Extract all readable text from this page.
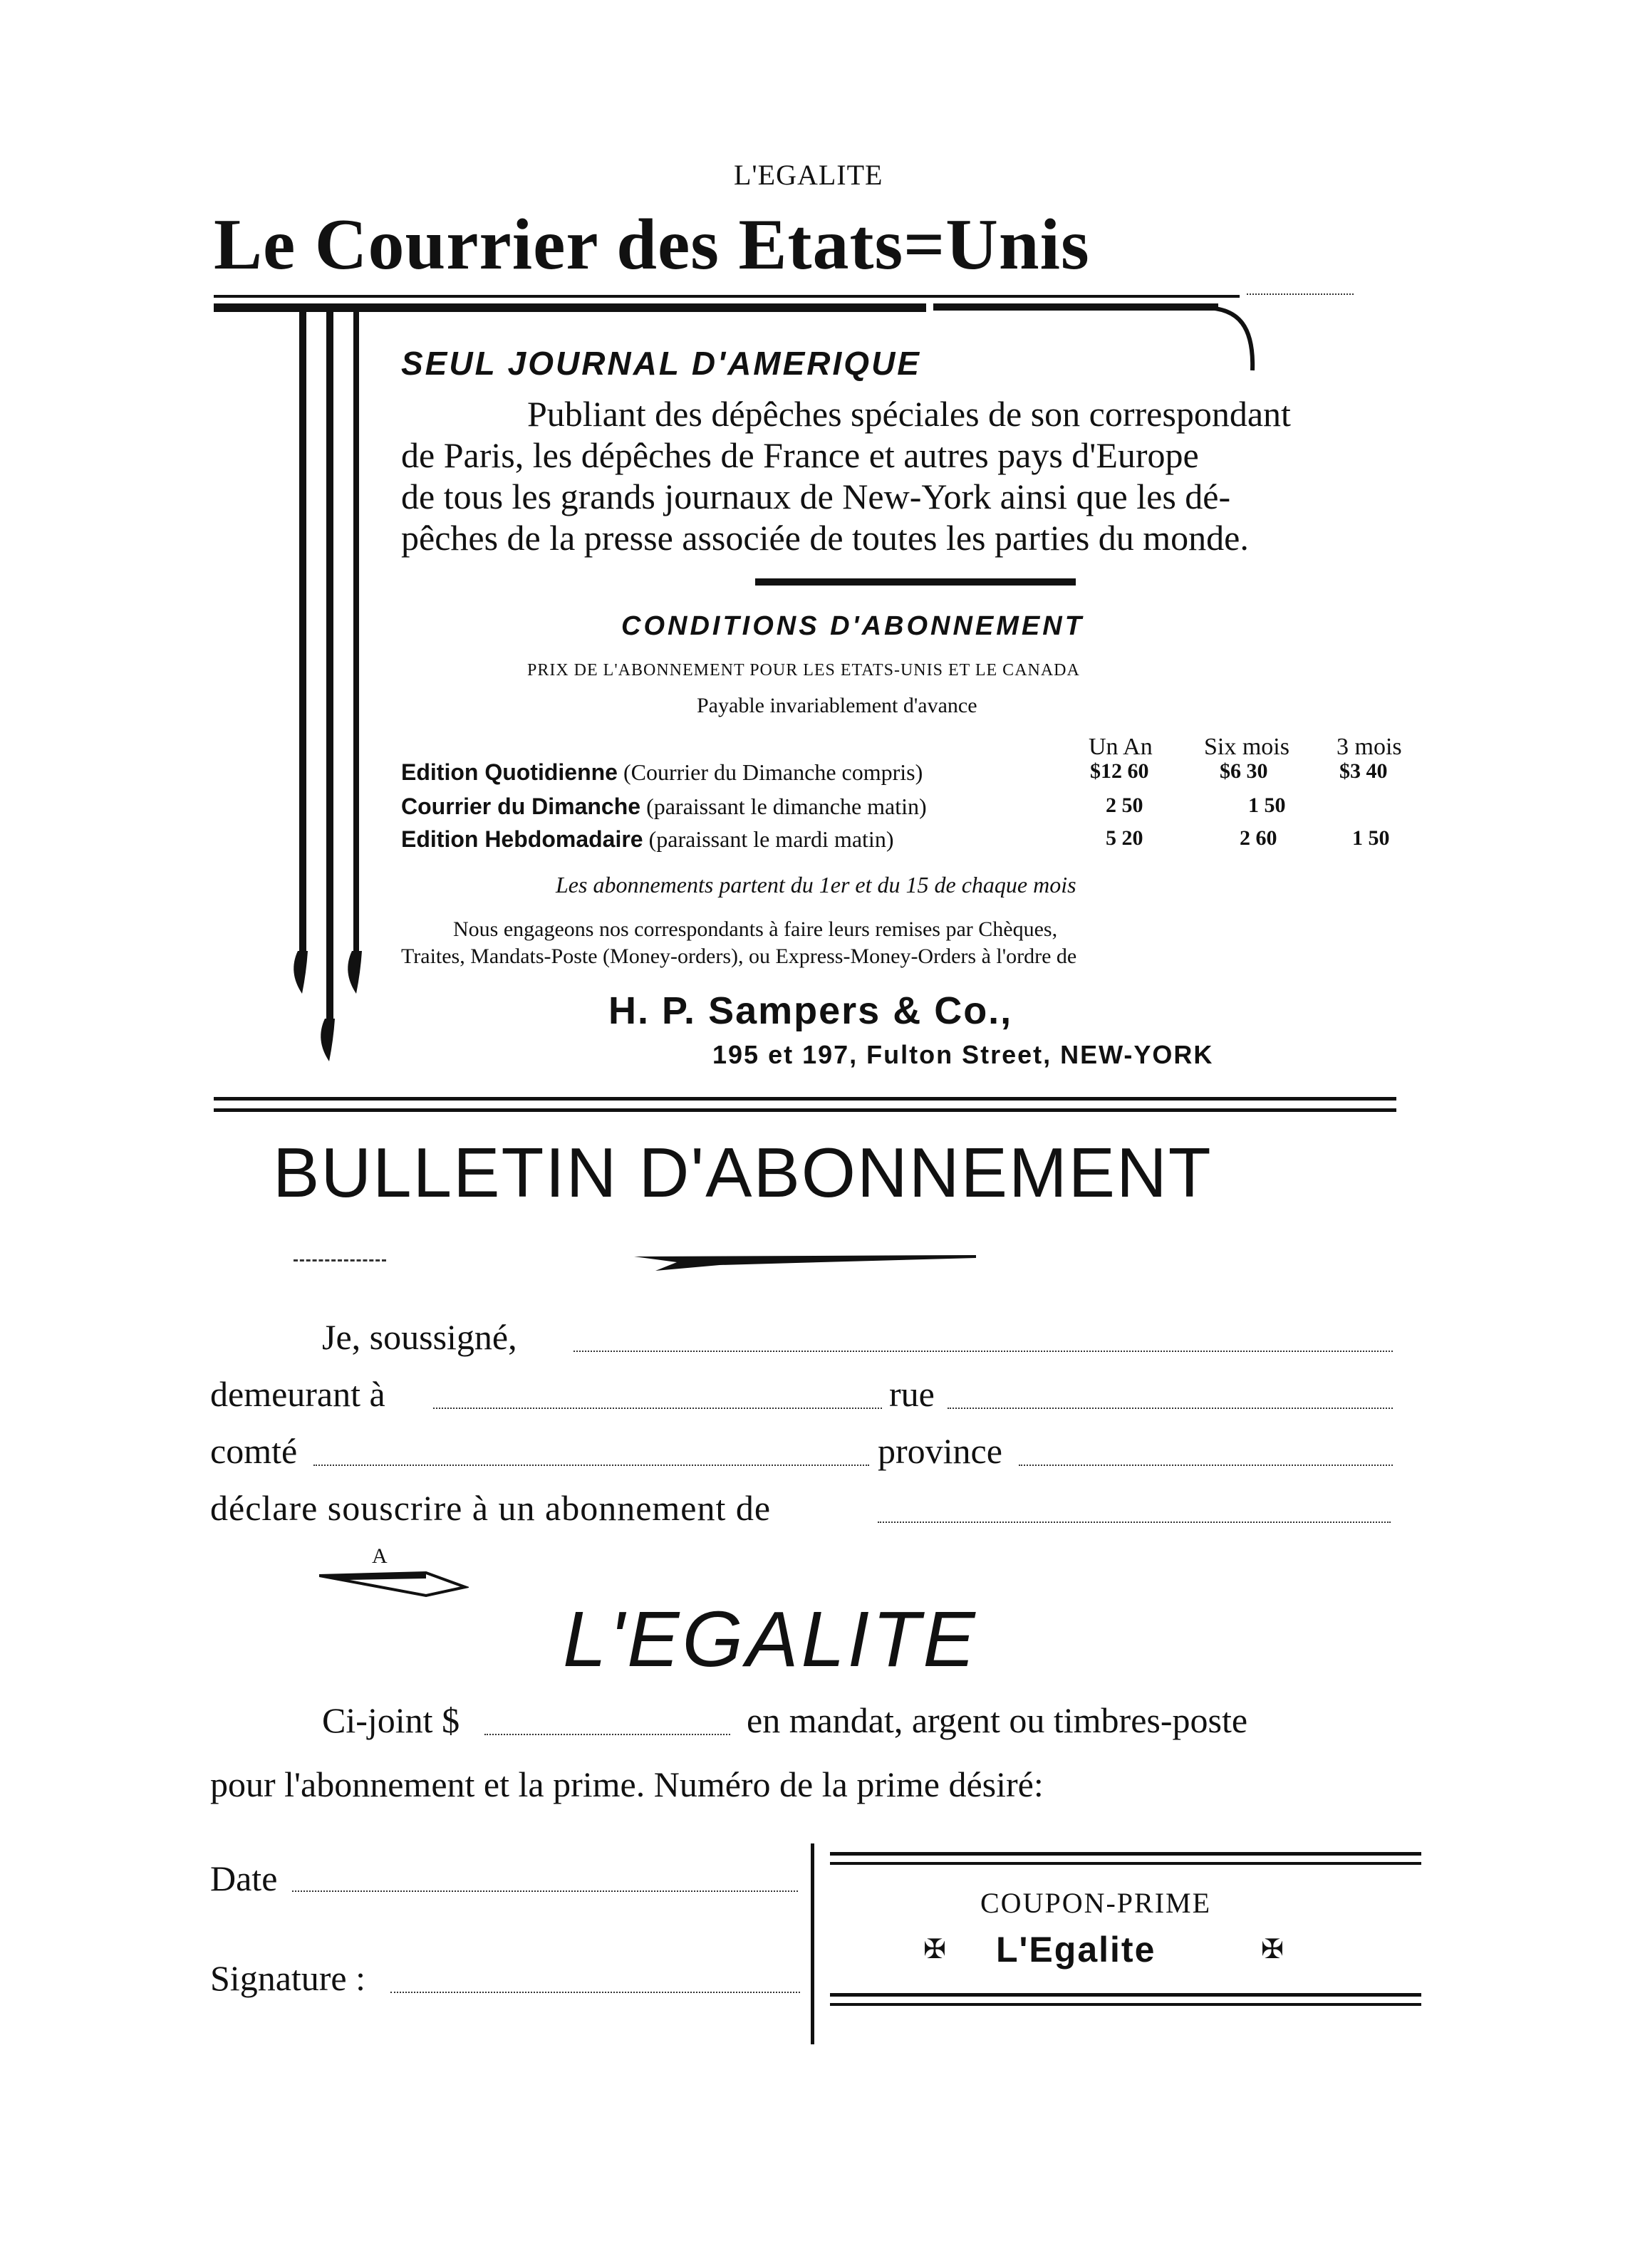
L'EGALITE
Le Courrier des Etats=Unis
SEUL JOURNAL D'AMERIQUE
Publiant des dépêches spéciales de son correspondant
de Paris, les dépêches de France et autres pays d'Europe
de tous les grands journaux de New-York ainsi que les dé-
pêches de la presse associée de toutes les parties du monde.
CONDITIONS D'ABONNEMENT
PRIX DE L'ABONNEMENT POUR LES ETATS-UNIS ET LE CANADA
Payable invariablement d'avance
Un An Six mois 3 mois
Edition Quotidienne (Courrier du Dimanche compris)	$12 60	$6 30	$3 40
Courrier du Dimanche (paraissant le dimanche matin)	2 50	1 50
Edition Hebdomadaire (paraissant le mardi matin)	5 20	2 60	1 50
Les abonnements partent du 1er et du 15 de chaque mois
Nous engageons nos correspondants à faire leurs remises par Chèques,
Traites, Mandats-Poste (Money-orders), ou Express-Money-Orders à l'ordre de
H. P. Sampers & Co.,
195 et 197, Fulton Street, NEW-YORK
BULLETIN D'ABONNEMENT
Je, soussigné,
demeurant à	rue
comté	province
déclare souscrire à un abonnement de
A
L'EGALITE
Ci-joint $	en mandat, argent ou timbres-poste
pour l'abonnement et la prime. Numéro de la prime désiré:
Date
Signature :
COUPON-PRIME
✠ L'Egalite	✠
